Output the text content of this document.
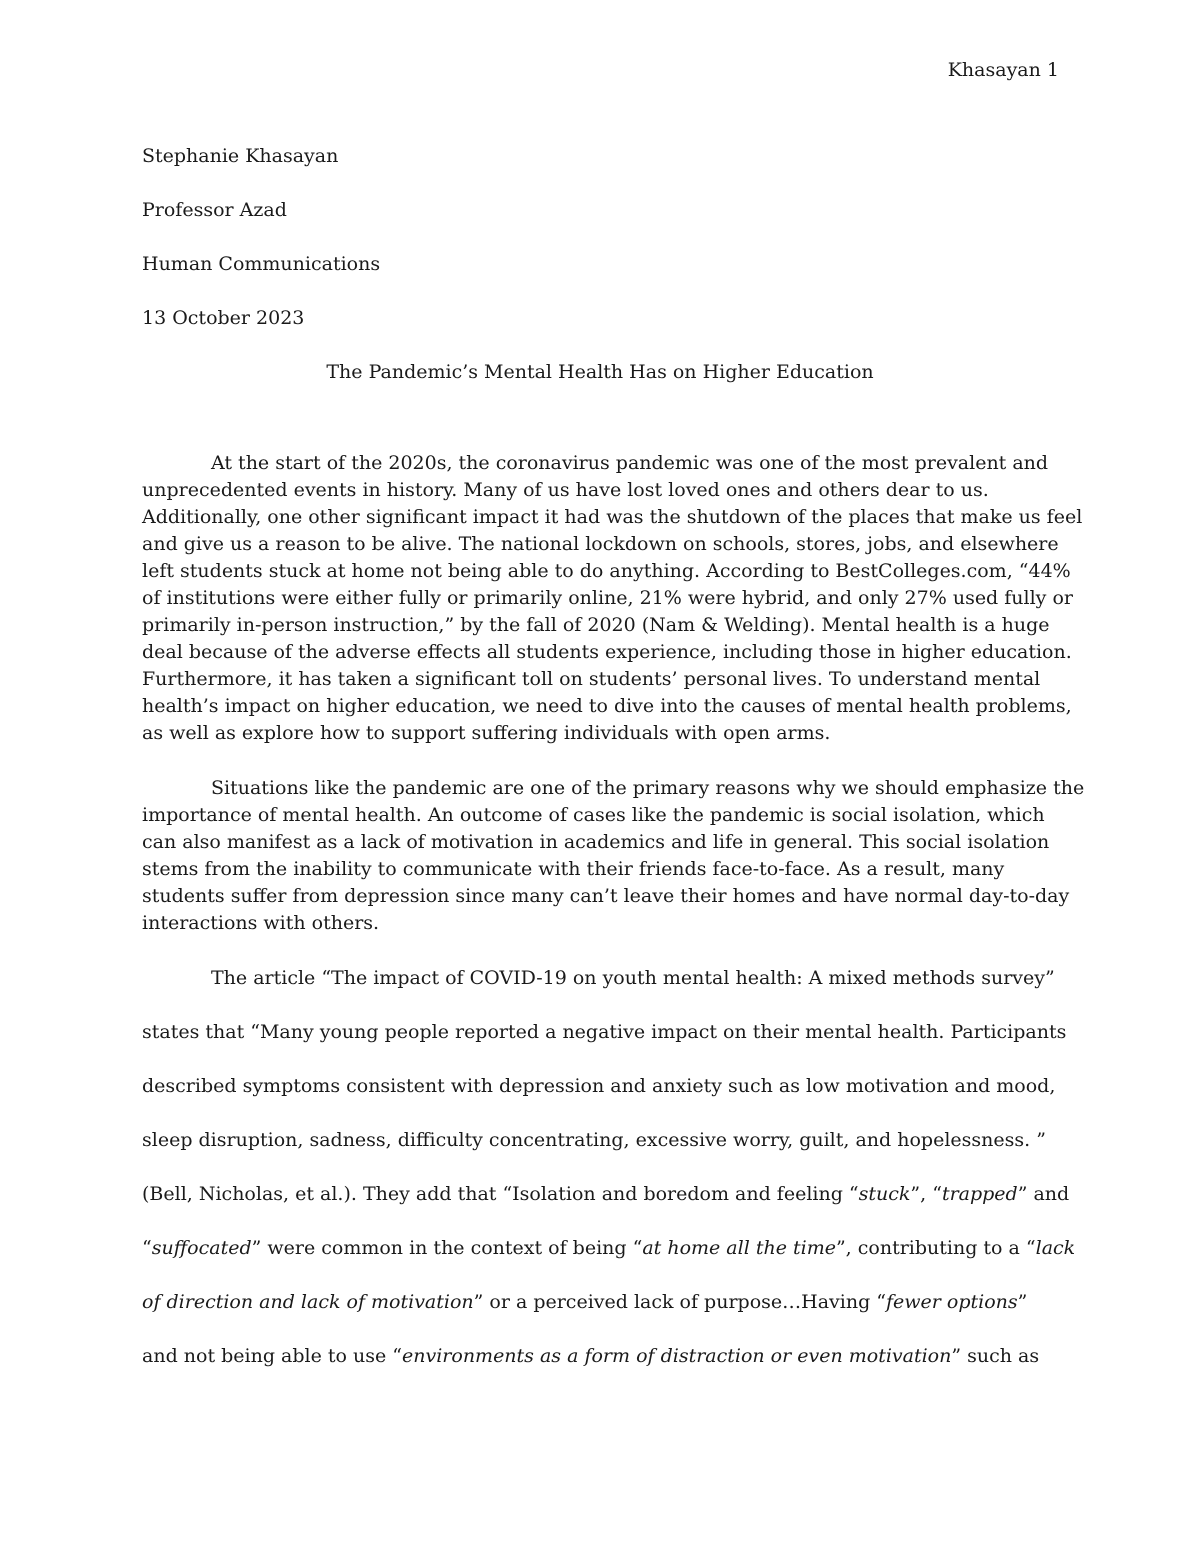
Khasayan 1
Stephanie Khasayan
Professor Azad
Human Communications
13 October 2023
The Pandemic’s Mental Health Has on Higher Education
At the start of the 2020s, the coronavirus pandemic was one of the most prevalent and
unprecedented events in history. Many of us have lost loved ones and others dear to us.
Additionally, one other significant impact it had was the shutdown of the places that make us feel
and give us a reason to be alive. The national lockdown on schools, stores, jobs, and elsewhere
left students stuck at home not being able to do anything. According to BestColleges.com, “44%
of institutions were either fully or primarily online, 21% were hybrid, and only 27% used fully or
primarily in-person instruction,” by the fall of 2020 (Nam & Welding). Mental health is a huge
deal because of the adverse effects all students experience, including those in higher education.
Furthermore, it has taken a significant toll on students’ personal lives. To understand mental
health’s impact on higher education, we need to dive into the causes of mental health problems,
as well as explore how to support suffering individuals with open arms.
Situations like the pandemic are one of the primary reasons why we should emphasize the
importance of mental health. An outcome of cases like the pandemic is social isolation, which
can also manifest as a lack of motivation in academics and life in general. This social isolation
stems from the inability to communicate with their friends face-to-face. As a result, many
students suffer from depression since many can’t leave their homes and have normal day-to-day
interactions with others.
The article “The impact of COVID-19 on youth mental health: A mixed methods survey”
states that “Many young people reported a negative impact on their mental health. Participants
described symptoms consistent with depression and anxiety such as low motivation and mood,
sleep disruption, sadness, difficulty concentrating, excessive worry, guilt, and hopelessness. ”
(Bell, Nicholas, et al.). They add that “Isolation and boredom and feeling “stuck”, “trapped” and
“suffocated” were common in the context of being “at home all the time”, contributing to a “lack
of direction and lack of motivation” or a perceived lack of purpose…Having “fewer options”
and not being able to use “environments as a form of distraction or even motivation” such as
